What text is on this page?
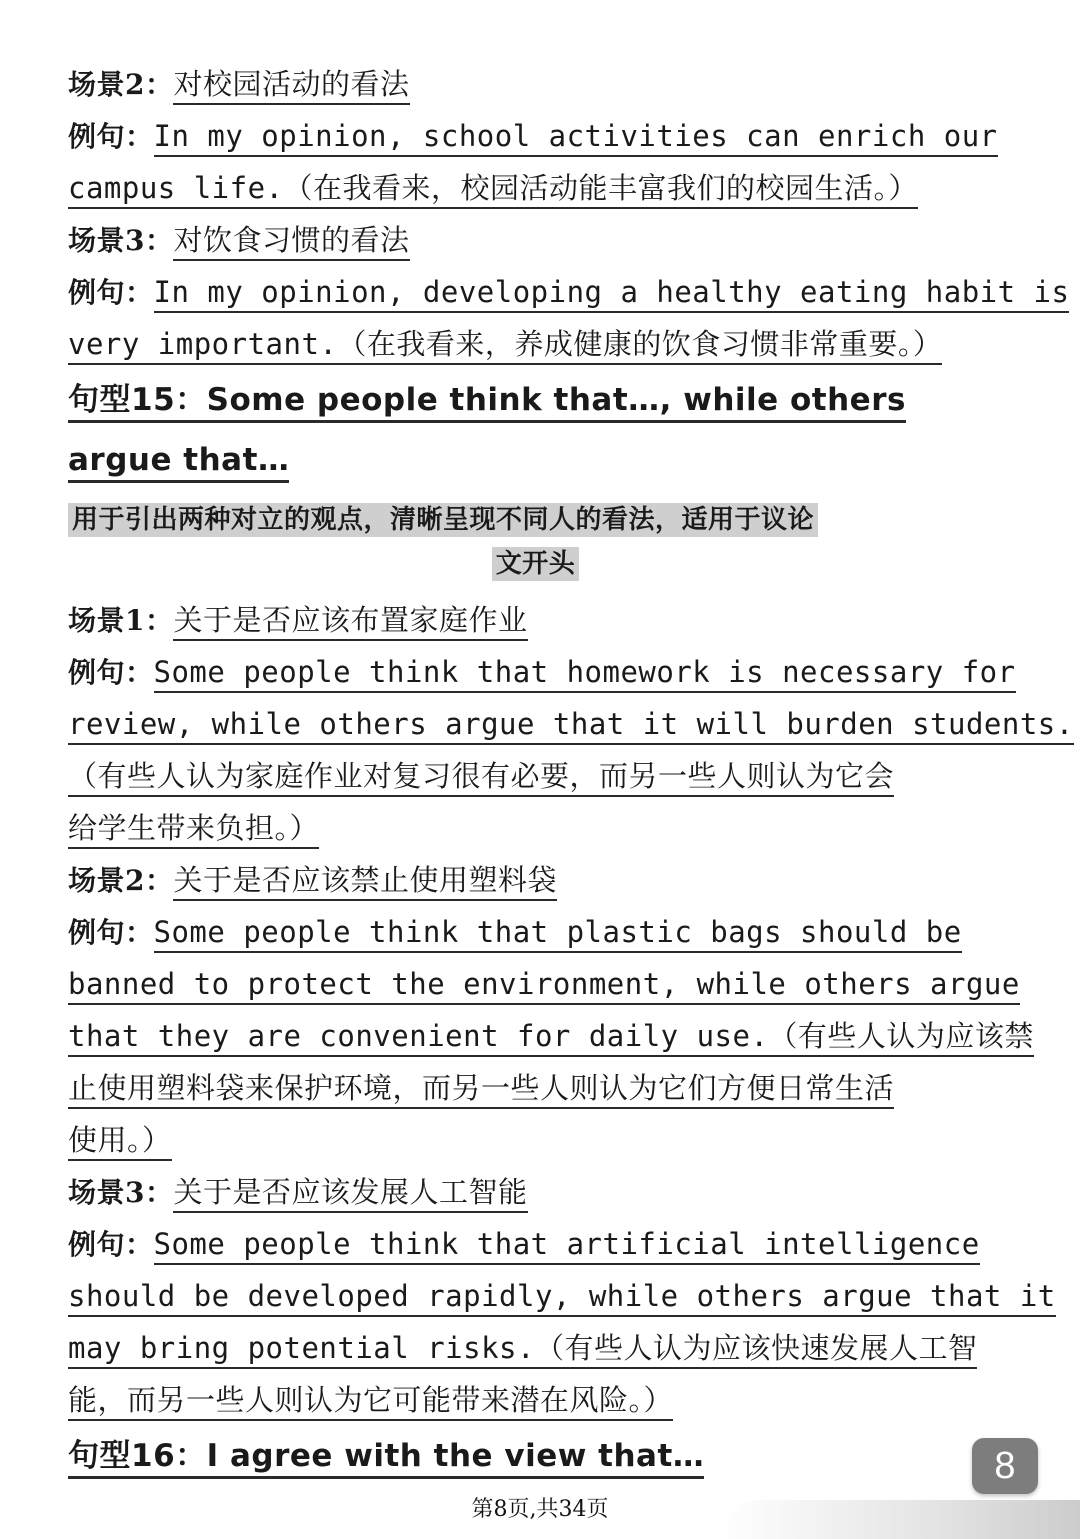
场景2：对校园活动的看法

例句：In my opinion, school activities can enrich our

campus life.（在我看来，校园活动能丰富我们的校园生活。）

场景3：对饮食习惯的看法

例句：In my opinion, developing a healthy eating habit is

very important.（在我看来，养成健康的饮食习惯非常重要。）

句型15：Some people think that…, while others

argue that…

用于引出两种对立的观点，清晰呈现不同人的看法，适用于议论

文开头

场景1：关于是否应该布置家庭作业

例句：Some people think that homework is necessary for

review, while others argue that it will burden students.

（有些人认为家庭作业对复习很有必要，而另一些人则认为它会

给学生带来负担。）

场景2：关于是否应该禁止使用塑料袋

例句：Some people think that plastic bags should be

banned to protect the environment, while others argue

that they are convenient for daily use.（有些人认为应该禁

止使用塑料袋来保护环境，而另一些人则认为它们方便日常生活

使用。）

场景3：关于是否应该发展人工智能

例句：Some people think that artificial intelligence

should be developed rapidly, while others argue that it

may bring potential risks.（有些人认为应该快速发展人工智

能，而另一些人则认为它可能带来潜在风险。）

句型16：I agree with the view that…	8
第8页,共34页
